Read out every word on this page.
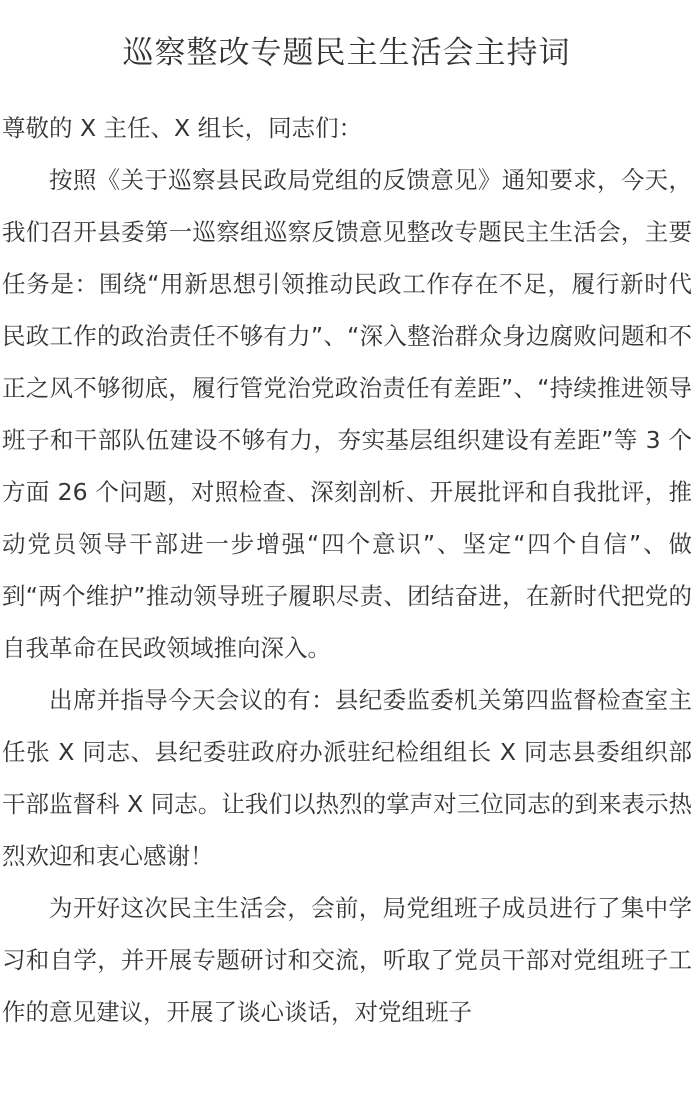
巡察整改专题民主生活会主持词

尊敬的 X 主任、X 组长，同志们：

按照《关于巡察县民政局党组的反馈意见》通知要求，今天，我们召开县委第一巡察组巡察反馈意见整改专题民主生活会，主要任务是：围绕“用新思想引领推动民政工作存在不足，履行新时代民政工作的政治责任不够有力”、“深入整治群众身边腐败问题和不正之风不够彻底，履行管党治党政治责任有差距”、“持续推进领导班子和干部队伍建设不够有力，夯实基层组织建设有差距”等 3 个方面 26 个问题，对照检查、深刻剖析、开展批评和自我批评，推动党员领导干部进一步增强“四个意识”、坚定“四个自信”、做到“两个维护”推动领导班子履职尽责、团结奋进，在新时代把党的自我革命在民政领域推向深入。

出席并指导今天会议的有：县纪委监委机关第四监督检查室主任张 X 同志、县纪委驻政府办派驻纪检组组长 X 同志县委组织部干部监督科 X 同志。让我们以热烈的掌声对三位同志的到来表示热烈欢迎和衷心感谢！

为开好这次民主生活会，会前，局党组班子成员进行了集中学习和自学，并开展专题研讨和交流，听取了党员干部对党组班子工作的意见建议，开展了谈心谈话，对党组班子
